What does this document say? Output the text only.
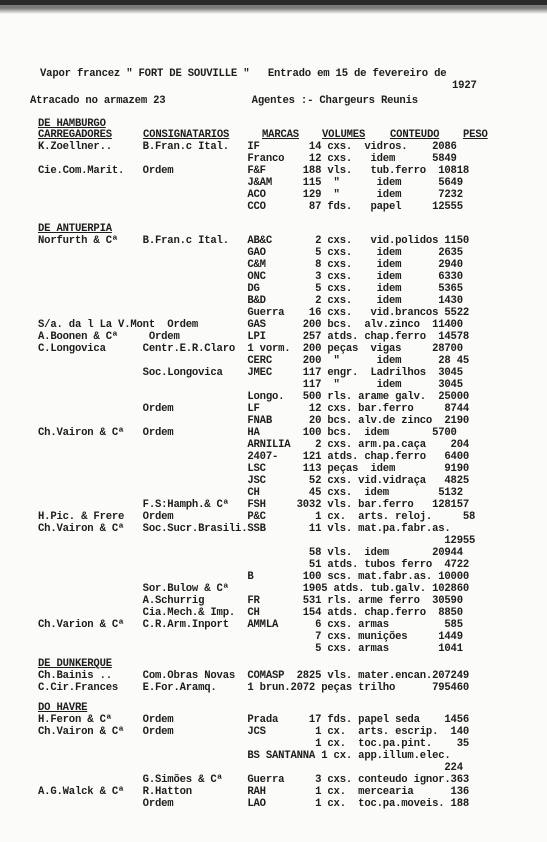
Vapor francez " FORT DE SOUVILLE "   Entrado em 15 de fevereiro de
1927
Atracado no armazem 23              Agentes :- Chargeurs Reunis
CARREGADORES	CONSIGNATARIOS	MARCAS VOLUMES CONTEUDO PESO
DE HAMBURGO
DE ANTUERPIA
DE DUNKERQUE
DO HAVRE
K.Zoellner..     B.Fran.c Ital.   IF        14 cxs.  vidros.    2086
Franco    12 cxs.   idem      5849
Cie.Com.Marit.   Ordem            F&F      188 vls.   tub.ferro  10818
J&AM     115  "      idem      5649
ACO      129  "      idem      7232
CCO       87 fds.   papel     12555
Norfurth & Cª    B.Fran.c Ital.   AB&C       2 cxs.   vid.polidos 1150
GAO        5 cxs.    idem      2635
C&M        8 cxs.    idem      2940
ONC        3 cxs.    idem      6330
DG         5 cxs.    idem      5365
B&D        2 cxs.    idem      1430
Guerra    16 cxs.   vid.brancos 5522
S/a. da l La V.Mont  Ordem        GAS      200 bcs.  alv.zinco  11400
A.Boonen & Cª     Ordem           LPI      257 atds. chap.ferro  14578
C.Longovica      Centr.E.R.Claro  1 vorm.  200 peças  vigas     28700
CERC     200  "      idem      28 45
Soc.Longovica    JMEC     117 engr.  Ladrilhos  3045
117  "      idem      3045
Longo.   500 rls. arame galv.  25000
Ordem            LF        12 cxs. bar.ferro     8744
FNAB      20 bcs. alv.de zinco  2190
Ch.Vairon & Cª   Ordem            HA       100 bcs.  idem       5700
ARNILIA    2 cxs. arm.pa.caça    204
2407-    121 atds. chap.ferro   6400
LSC      113 peças  idem        9190
JSC       52 cxs. vid.vidraça   4825
CH        45 cxs.  idem        5132
F.S:Hamph.& Cª   FSH     3032 vls. bar.ferro   128157
H.Pic. & Frere   Ordem            P&C        1 cx.  arts. reloj.     58
Ch.Vairon & Cª   Soc.Sucr.Brasili.SSB       11 vls. mat.pa.fabr.as.
12955
58 vls.  idem       20944
51 atds. tubos ferro  4722
B        100 scs. mat.fabr.as. 10000
Sor.Bulow & Cª            1905 atds. tub.galv. 102860
A.Schurrig       FR       531 rls. arme ferro  30590
Cia.Mech.& Imp.  CH       154 atds. chap.ferro  8850
Ch.Varion & Cª   C.R.Arm.Inport   AMMLA      6 cxs. armas         585
7 cxs. munições     1449
5 cxs. armas        1041
Ch.Bainis ..     Com.Obras Novas  COMASP  2825 vls. mater.encan.207249
C.Cir.Frances    E.For.Aramq.     1 brun.2072 peças trilho      795460
H.Feron & Cª     Ordem            Prada     17 fds. papel seda    1456
Ch.Vairon & Cª   Ordem            JCS        1 cx.  arts. escrip.  140
1 cx.  toc.pa.pint.    35
BS SANTANNA 1 cx. app.illum.elec.
224
G.Simões & Cª    Guerra     3 cxs. conteudo ignor.363
A.G.Walck & Cª   R.Hatton         RAH        1 cx.  mercearia      136
Ordem            LAO        1 cx.  toc.pa.moveis. 188
